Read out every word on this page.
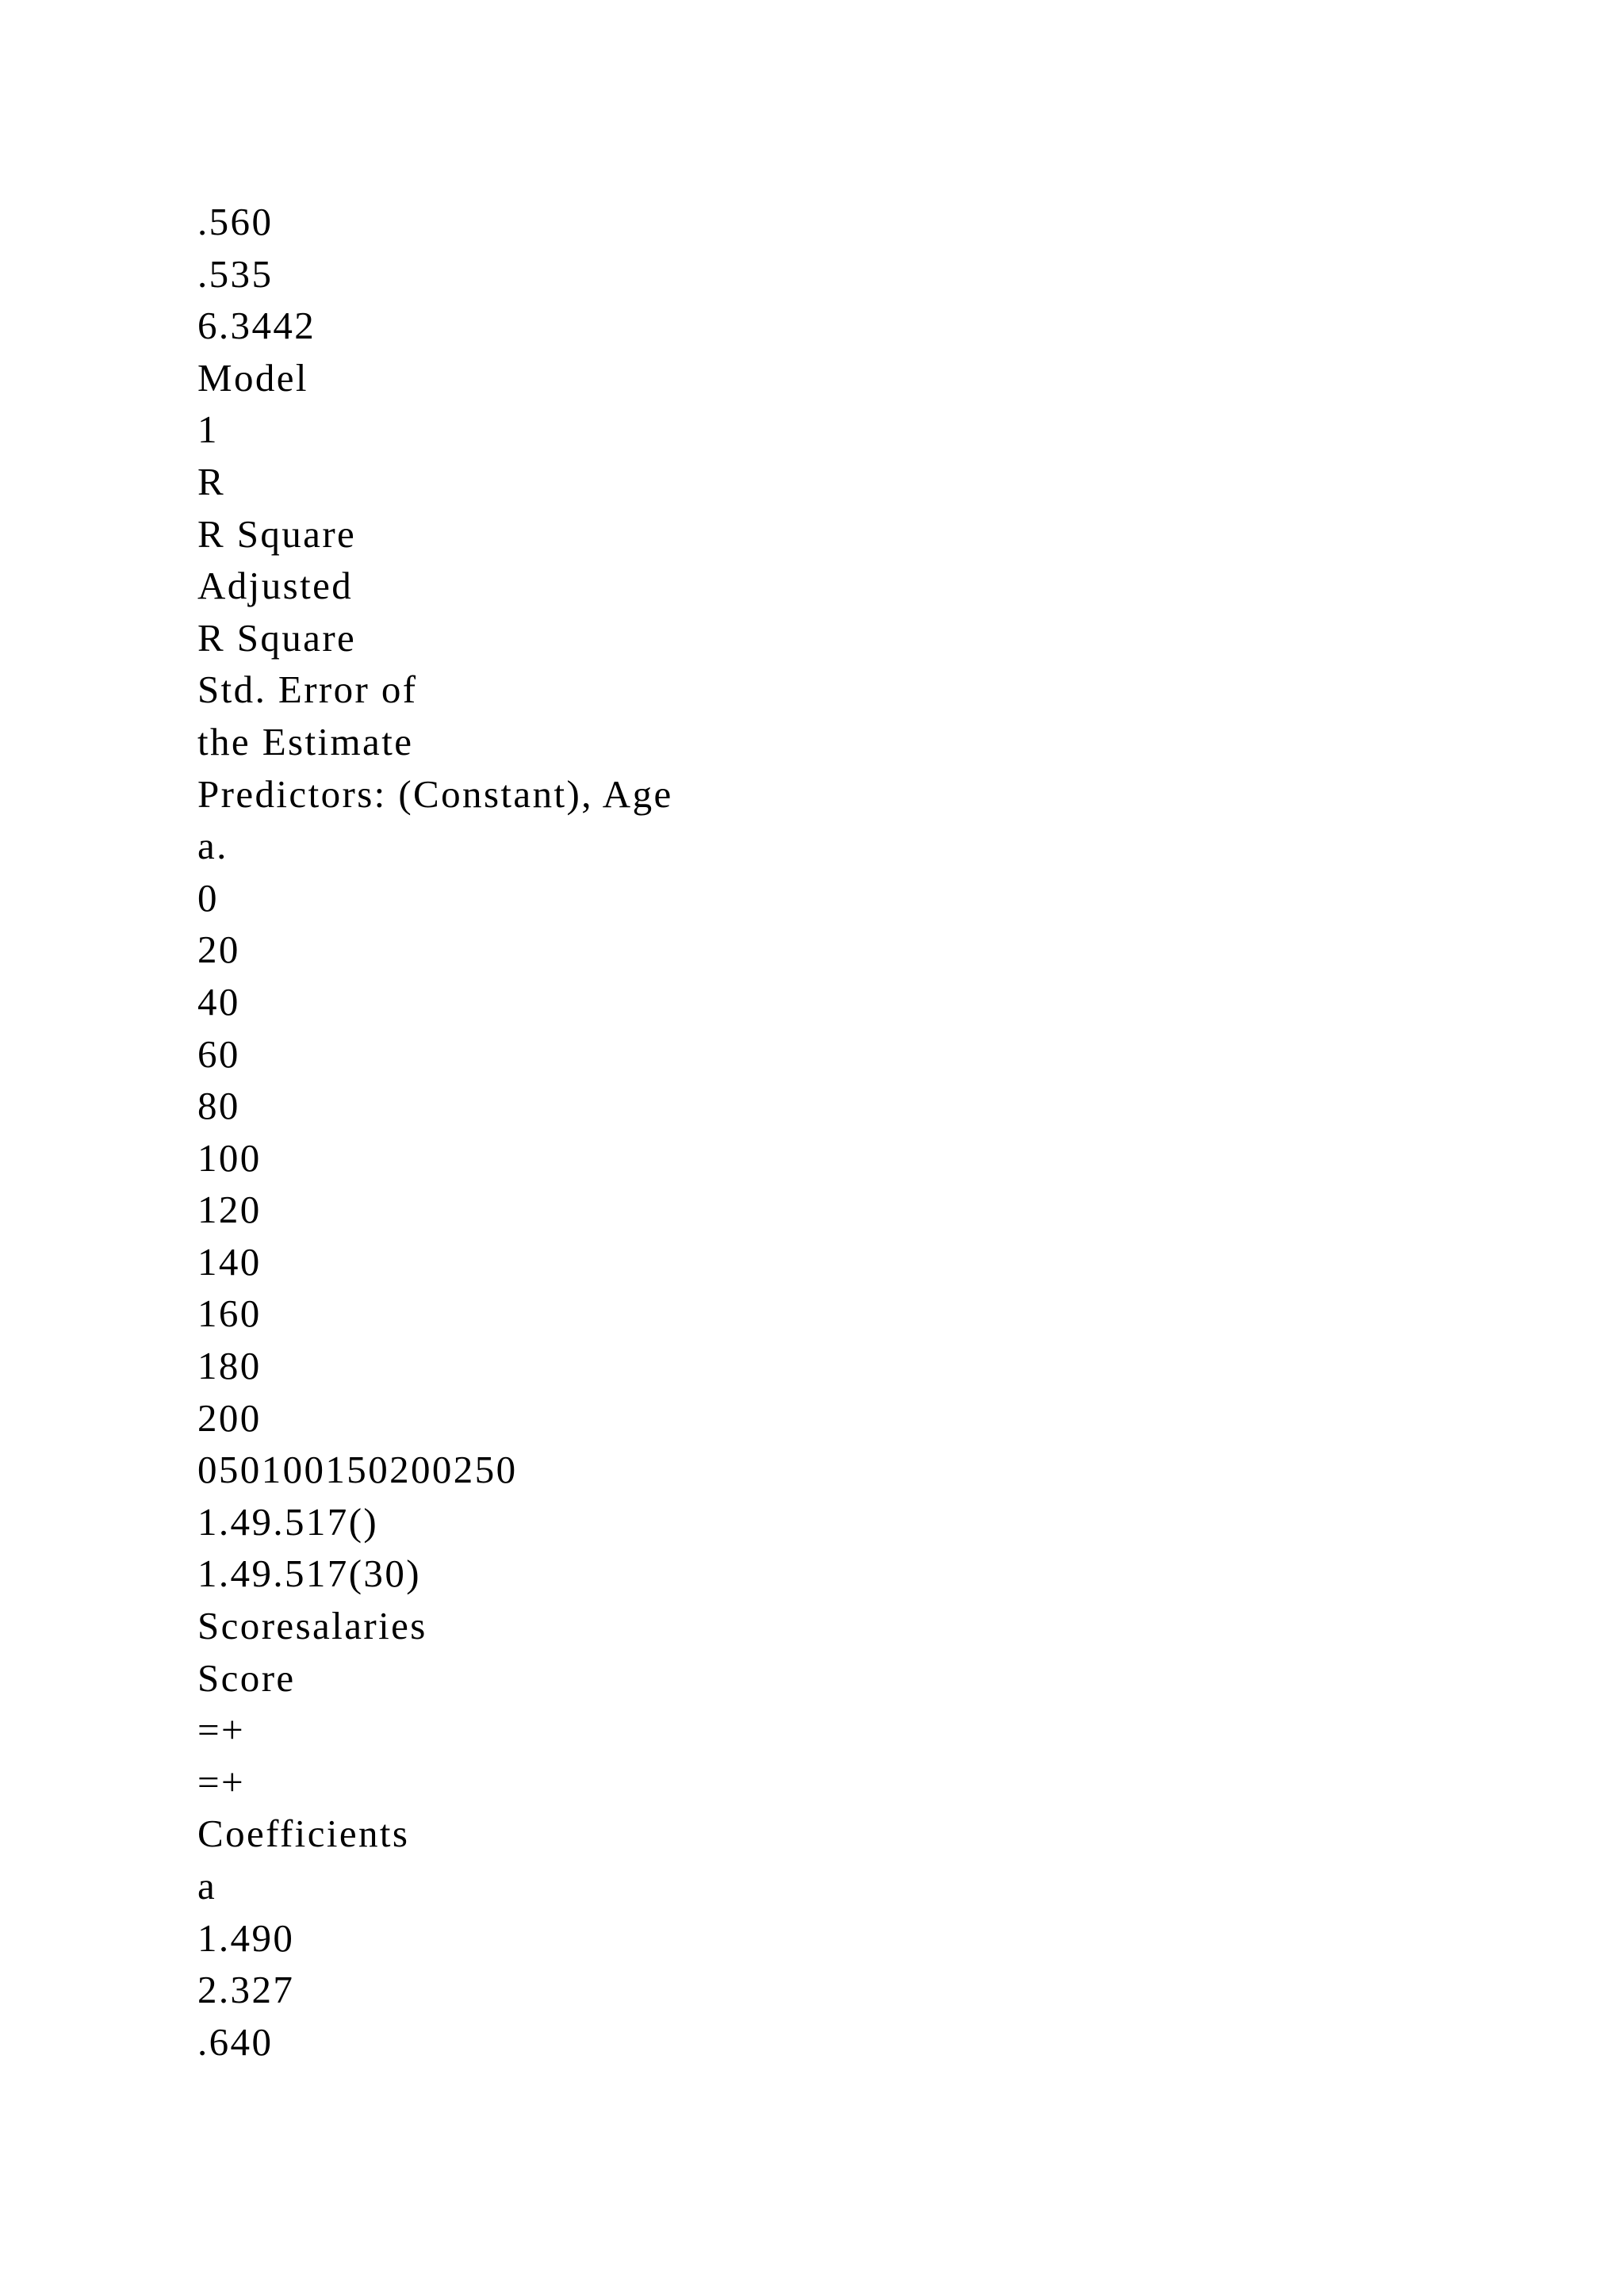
.560
.535
6.3442
Model
1
R
R Square
Adjusted
R Square
Std. Error of
the Estimate
Predictors: (Constant), Age
a.
0
20
40
60
80
100
120
140
160
180
200
050100150200250
1.49.517()
1.49.517(30)
Scoresalaries
Score
=+
=+
Coefficients
a
1.490
2.327
.640
